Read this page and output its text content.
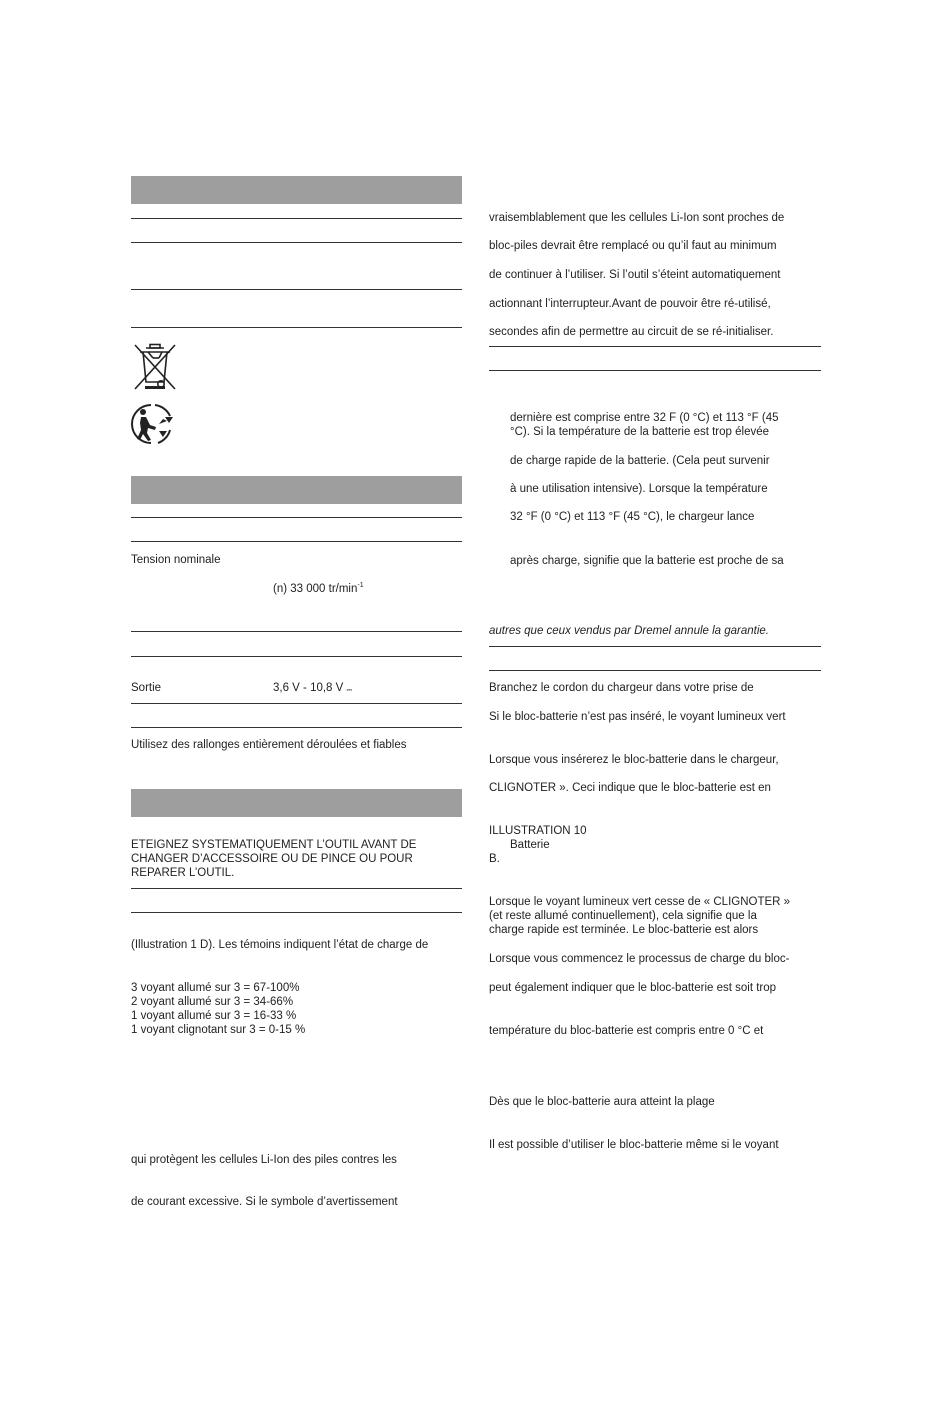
Tension nominale
(n) 33 000 $tr/\min^{-1}$
Sortie	3,6 V - 10,8 V ⎓
Utilisez des rallonges entièrement déroulées et fiables
ETEIGNEZ SYSTEMATIQUEMENT L’OUTIL AVANT DE
CHANGER D’ACCESSOIRE OU DE PINCE OU POUR
REPARER L’OUTIL.
(Illustration 1 D). Les témoins indiquent l’état de charge de
3 voyant allumé sur 3 = 67-100%
2 voyant allumé sur 3 = 34-66%
1 voyant allumé sur 3 = 16-33 %
1 voyant clignotant sur 3 = 0-15 %
qui protègent les cellules Li-Ion des piles contres les
de courant excessive. Si le symbole d’avertissement
vraisemblablement que les cellules Li-Ion sont proches de
bloc-piles devrait être remplacé ou qu’il faut au minimum
de continuer à l’utiliser. Si l’outil s’éteint automatiquement
actionnant l’interrupteur.Avant de pouvoir être ré-utilisé,
secondes afin de permettre au circuit de se ré-initialiser.
dernière est comprise entre 32 F (0 °C) et 113 °F (45
°C). Si la température de la batterie est trop élevée
de charge rapide de la batterie. (Cela peut survenir
à une utilisation intensive). Lorsque la température
32 °F (0 °C) et 113 °F (45 °C), le chargeur lance
après charge, signifie que la batterie est proche de sa
autres que ceux vendus par Dremel annule la garantie.
Branchez le cordon du chargeur dans votre prise de
Si le bloc-batterie n’est pas inséré, le voyant lumineux vert
Lorsque vous insérerez le bloc-batterie dans le chargeur,
CLIGNOTER ». Ceci indique que le bloc-batterie est en
ILLUSTRATION 10
Batterie
B.
Lorsque le voyant lumineux vert cesse de « CLIGNOTER »
(et reste allumé continuellement), cela signifie que la
charge rapide est terminée. Le bloc-batterie est alors
Lorsque vous commencez le processus de charge du bloc-
peut également indiquer que le bloc-batterie est soit trop
température du bloc-batterie est compris entre 0 °C et
Dès que le bloc-batterie aura atteint la plage
Il est possible d’utiliser le bloc-batterie même si le voyant
